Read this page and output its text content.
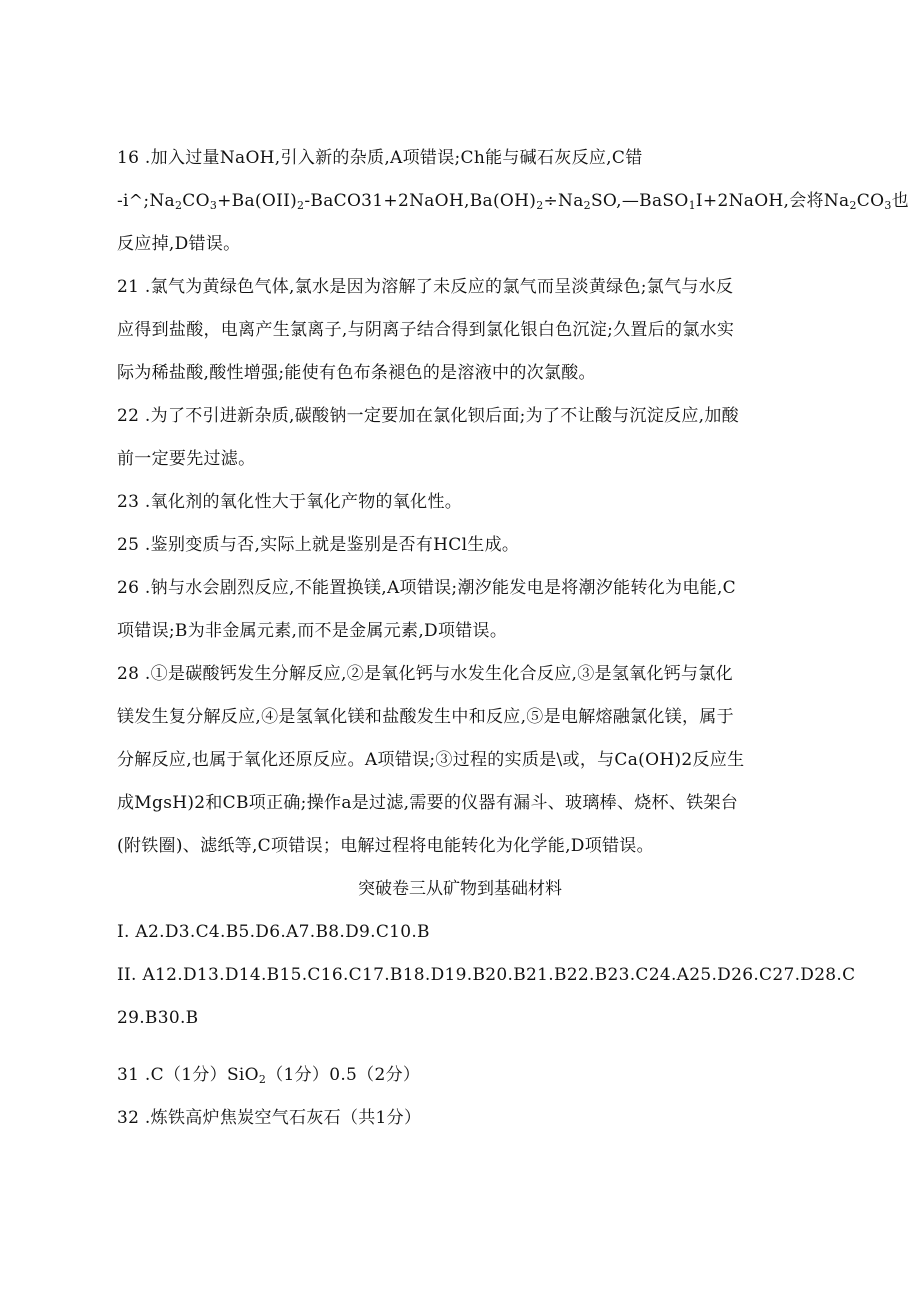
16 .加入过量NaOH,引入新的杂质,A项错误;Ch能与碱石灰反应,C错
$-i\^{};Na_2CO_3+Ba(OII)_2-BaCO31+2NaOH,Ba(OH)_2\div Na_2SO,—BaSO_1I+2NaOH$,会将$Na_2CO_3$也
反应掉,D错误。
21 .氯气为黄绿色气体,氯水是因为溶解了未反应的氯气而呈淡黄绿色;氯气与水反
应得到盐酸，电离产生氯离子,与阴离子结合得到氯化银白色沉淀;久置后的氯水实
际为稀盐酸,酸性增强;能使有色布条褪色的是溶液中的次氯酸。
22 .为了不引进新杂质,碳酸钠一定要加在氯化钡后面;为了不让酸与沉淀反应,加酸
前一定要先过滤。
23 .氧化剂的氧化性大于氧化产物的氧化性。
25 .鉴别变质与否,实际上就是鉴别是否有HCl生成。
26 .钠与水会剧烈反应,不能置换镁,A项错误;潮汐能发电是将潮汐能转化为电能,C
项错误;B为非金属元素,而不是金属元素,D项错误。
28 .①是碳酸钙发生分解反应,②是氧化钙与水发生化合反应,③是氢氧化钙与氯化
镁发生复分解反应,④是氢氧化镁和盐酸发生中和反应,⑤是电解熔融氯化镁，属于
分解反应,也属于氧化还原反应。A项错误;③过程的实质是\或，与Ca(OH)2反应生
成MgsH)2和CB项正确;操作a是过滤,需要的仪器有漏斗、玻璃棒、烧杯、铁架台
(附铁圈)、滤纸等,C项错误；电解过程将电能转化为化学能,D项错误。
突破卷三从矿物到基础材料
I. A2.D3.C4.B5.D6.A7.B8.D9.C10.B
II. A12.D13.D14.B15.C16.C17.B18.D19.B20.B21.B22.B23.C24.A25.D26.C27.D28.C
29.B30.B
31 .C（1分）SiO$_2$（1分）0.5（2分）
32 .炼铁高炉焦炭空气石灰石（共1分）
